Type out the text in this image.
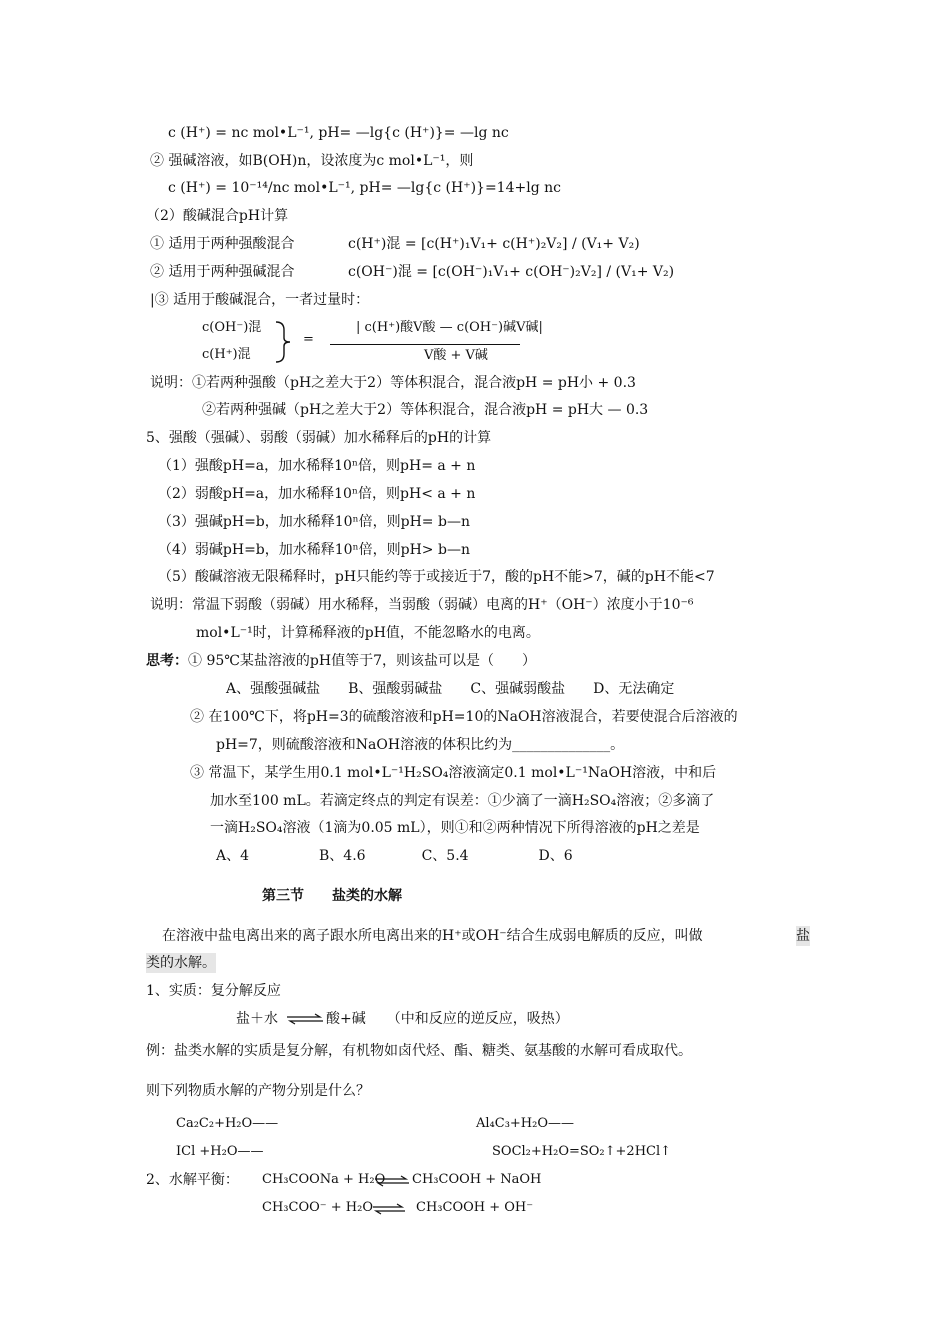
c (H⁺) = nc mol•L⁻¹, pH= —lg{c (H⁺)}= —lg nc
② 强碱溶液，如B(OH)n，设浓度为c mol•L⁻¹，则
c (H⁺) = 10⁻¹⁴/nc mol•L⁻¹, pH= —lg{c (H⁺)}=14+lg nc
（2）酸碱混合pH计算
① 适用于两种强酸混合	c(H⁺)混 = [c(H⁺)₁V₁+ c(H⁺)₂V₂] / (V₁+ V₂)
② 适用于两种强碱混合	c(OH⁻)混 = [c(OH⁻)₁V₁+ c(OH⁻)₂V₂] / (V₁+ V₂)
|③ 适用于酸碱混合，一者过量时：
c(OH⁻)混
c(H⁺)混
=
| c(H⁺)酸V酸 — c(OH⁻)碱V碱|
V酸 + V碱
说明：①若两种强酸（pH之差大于2）等体积混合，混合液pH = pH小 + 0.3
②若两种强碱（pH之差大于2）等体积混合，混合液pH = pH大 — 0.3
5、强酸（强碱）、弱酸（弱碱）加水稀释后的pH的计算
（1）强酸pH=a，加水稀释10ⁿ倍，则pH= a + n
（2）弱酸pH=a，加水稀释10ⁿ倍，则pH< a + n
（3）强碱pH=b，加水稀释10ⁿ倍，则pH= b—n
（4）弱碱pH=b，加水稀释10ⁿ倍，则pH> b—n
（5）酸碱溶液无限稀释时，pH只能约等于或接近于7，酸的pH不能>7，碱的pH不能<7
说明：常温下弱酸（弱碱）用水稀释，当弱酸（弱碱）电离的H⁺（OH⁻）浓度小于10⁻⁶
mol•L⁻¹时，计算稀释液的pH值，不能忽略水的电离。
思考： ① 95℃某盐溶液的pH值等于7，则该盐可以是（　　）
A、强酸强碱盐　　B、强酸弱碱盐　　C、强碱弱酸盐　　D、无法确定
② 在100℃下，将pH=3的硫酸溶液和pH=10的NaOH溶液混合，若要使混合后溶液的
pH=7，则硫酸溶液和NaOH溶液的体积比约为______________。
③ 常温下，某学生用0.1 mol•L⁻¹H₂SO₄溶液滴定0.1 mol•L⁻¹NaOH溶液，中和后
加水至100 mL。若滴定终点的判定有误差：①少滴了一滴H₂SO₄溶液；②多滴了
一滴H₂SO₄溶液（1滴为0.05 mL），则①和②两种情况下所得溶液的pH之差是
A、4　　　　　B、4.6　　　　C、5.4　　　　　D、6
第三节　　盐类的水解
在溶液中盐电离出来的离子跟水所电离出来的H⁺或OH⁻结合生成弱电解质的反应，叫做	盐
类的水解。
1、实质：复分解反应
盐＋水 ⇌ 酸+碱　　（中和反应的逆反应，吸热）
例：盐类水解的实质是复分解，有机物如卤代烃、酯、糖类、氨基酸的水解可看成取代。
则下列物质水解的产物分别是什么？
Ca₂C₂+H₂O——	Al₄C₃+H₂O——
ICl +H₂O——	SOCl₂+H₂O=SO₂↑+2HCl↑
2、水解平衡： CH₃COONa + H₂O ⇌ CH₃COOH + NaOH
CH₃COO⁻ + H₂O ⇌ CH₃COOH + OH⁻
